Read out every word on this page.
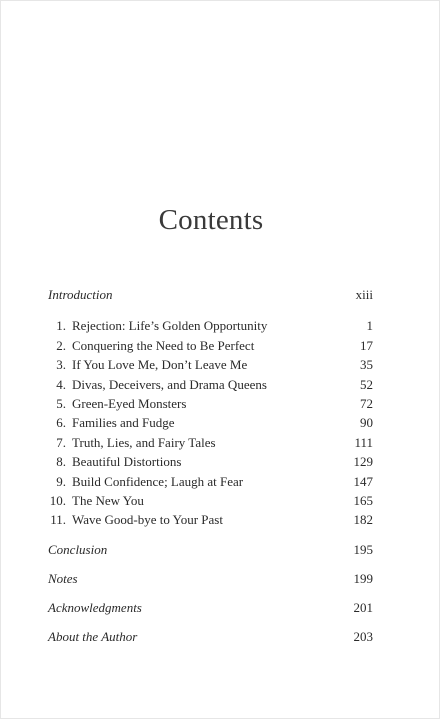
Contents
Introduction	xiii
1. Rejection: Life’s Golden Opportunity	1
2. Conquering the Need to Be Perfect	17
3. If You Love Me, Don’t Leave Me	35
4. Divas, Deceivers, and Drama Queens	52
5. Green-Eyed Monsters	72
6. Families and Fudge	90
7. Truth, Lies, and Fairy Tales	111
8. Beautiful Distortions	129
9. Build Confidence; Laugh at Fear	147
10. The New You	165
11. Wave Good-bye to Your Past	182
Conclusion	195
Notes	199
Acknowledgments	201
About the Author	203
